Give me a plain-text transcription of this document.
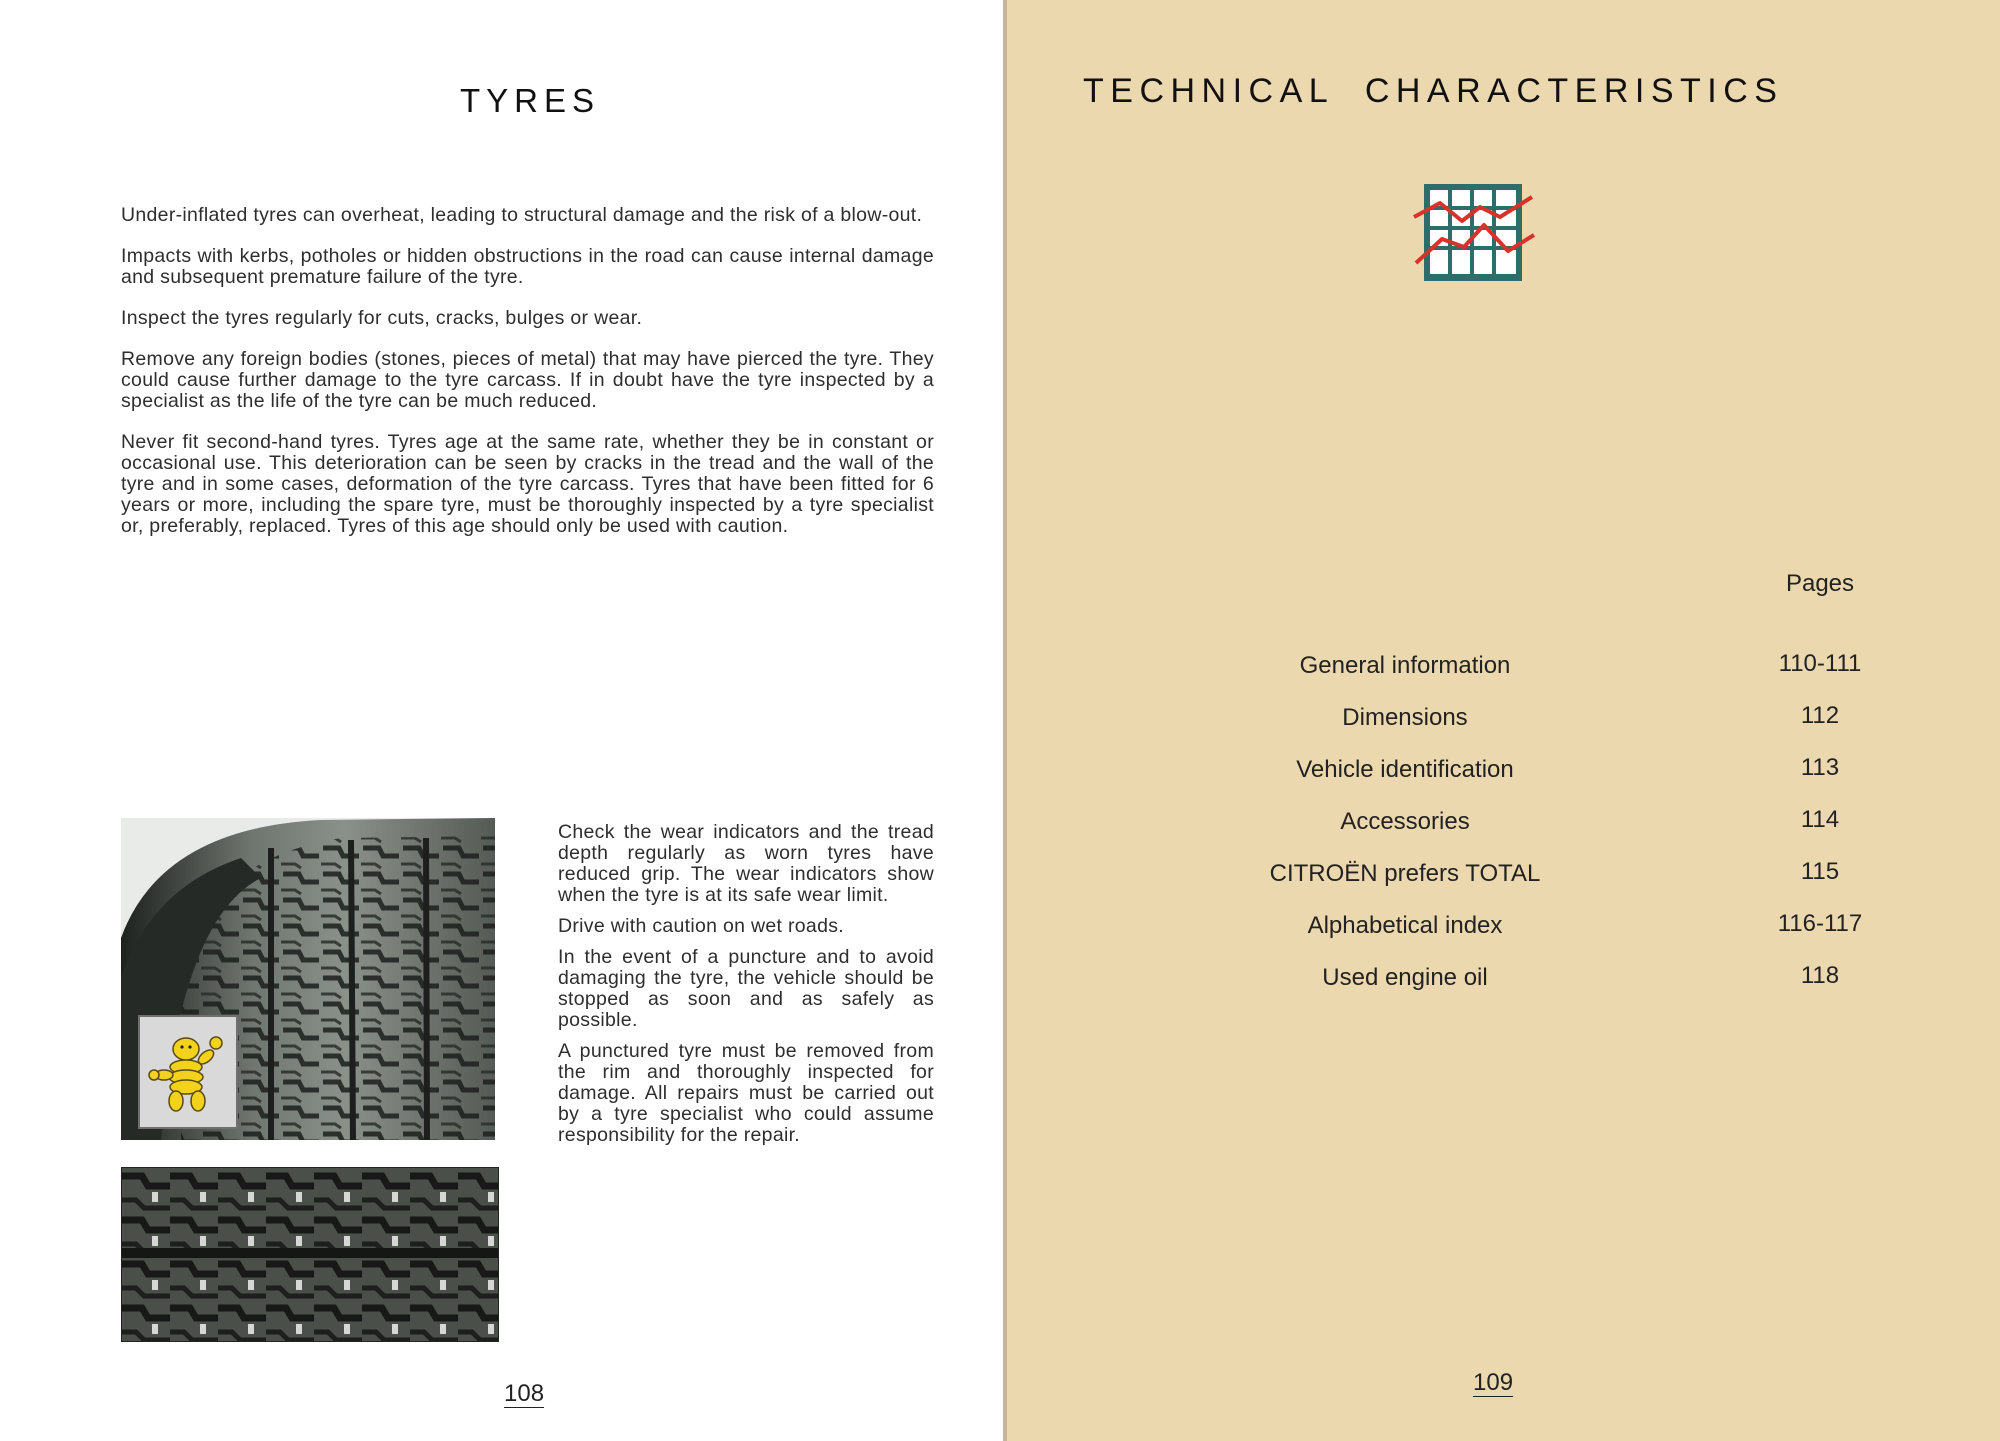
TYRES

Under-inflated tyres can overheat, leading to structural damage and the risk of a blow-out.

Impacts with kerbs, potholes or hidden obstructions in the road can cause internal damage and subsequent premature failure of the tyre.

Inspect the tyres regularly for cuts, cracks, bulges or wear.

Remove any foreign bodies (stones, pieces of metal) that may have pierced the tyre. They could cause further damage to the tyre carcass. If in doubt have the tyre inspected by a specialist as the life of the tyre can be much reduced.

Never fit second-hand tyres. Tyres age at the same rate, whether they be in constant or occasional use. This deterioration can be seen by cracks in the tread and the wall of the tyre and in some cases, deformation of the tyre carcass. Tyres that have been fitted for 6 years or more, including the spare tyre, must be thoroughly inspected by a tyre specialist or, preferably, replaced. Tyres of this age should only be used with caution.

Check the wear indicators and the tread depth regularly as worn tyres have reduced grip. The wear indicators show when the tyre is at its safe wear limit.

Drive with caution on wet roads.

In the event of a puncture and to avoid damaging the tyre, the vehicle should be stopped as soon and as safely as possible.

A punctured tyre must be removed from the rim and thoroughly inspected for damage. All repairs must be carried out by a tyre specialist who could assume responsibility for the repair.

108
TECHNICAL  CHARACTERISTICS
Pages
General information	110-111
Dimensions	112
Vehicle identification	113
Accessories	114
CITROËN prefers TOTAL	115
Alphabetical index	116-117
Used engine oil	118
109
